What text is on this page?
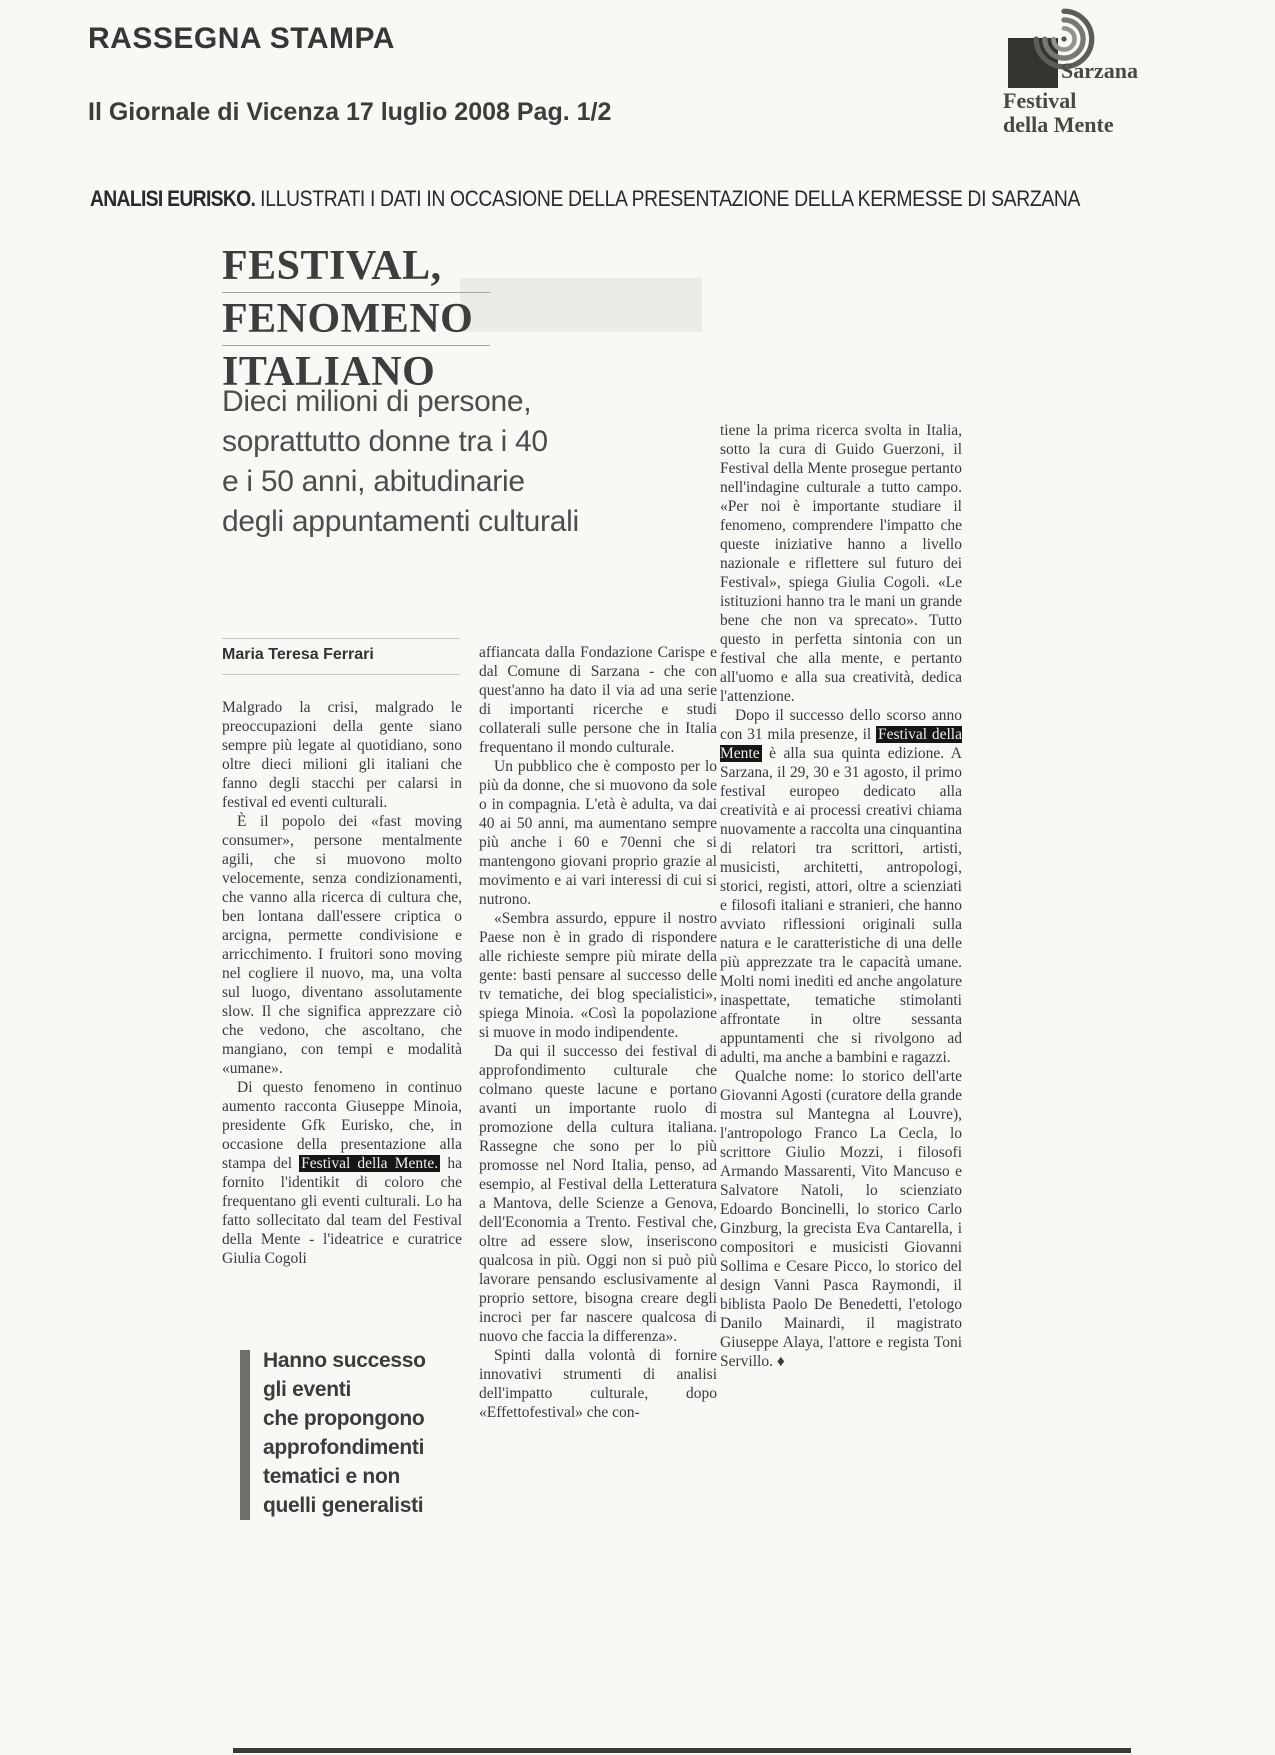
RASSEGNA STAMPA
Il Giornale di Vicenza 17 luglio 2008 Pag. 1/2
Sarzana
Festival
della Mente
ANALISI EURISKO. ILLUSTRATI I DATI IN OCCASIONE DELLA PRESENTAZIONE DELLA KERMESSE DI SARZANA
FESTIVAL,
FENOMENO
ITALIANO
Dieci milioni di persone,
soprattutto donne tra i 40
e i 50 anni, abitudinarie
degli appuntamenti culturali
Maria Teresa Ferrari

Malgrado la crisi, malgrado le preoccupazioni della gente siano sempre più legate al quotidiano, sono oltre dieci milioni gli italiani che fanno degli stacchi per calarsi in festival ed eventi culturali.

È il popolo dei «fast moving consumer», persone mentalmente agili, che si muovono molto velocemente, senza condizionamenti, che vanno alla ricerca di cultura che, ben lontana dall'essere criptica o arcigna, permette condivisione e arricchimento. I fruitori sono moving nel cogliere il nuovo, ma, una volta sul luogo, diventano assolutamente slow. Il che significa apprezzare ciò che vedono, che ascoltano, che mangiano, con tempi e modalità «umane».

Di questo fenomeno in continuo aumento racconta Giuseppe Minoia, presidente Gfk Eurisko, che, in occasione della presentazione alla stampa del Festival della Mente. ha fornito l'identikit di coloro che frequentano gli eventi culturali. Lo ha fatto sollecitato dal team del Festival della Mente - l'ideatrice e curatrice Giulia Cogoli

Hanno successo
gli eventi
che propongono
approfondimenti
tematici e non
quelli generalisti

affiancata dalla Fondazione Carispe e dal Comune di Sarzana - che con quest'anno ha dato il via ad una serie di importanti ricerche e studi collaterali sulle persone che in Italia frequentano il mondo culturale.

Un pubblico che è composto per lo più da donne, che si muovono da sole o in compagnia. L'età è adulta, va dai 40 ai 50 anni, ma aumentano sempre più anche i 60 e 70enni che si mantengono giovani proprio grazie al movimento e ai vari interessi di cui si nutrono.

«Sembra assurdo, eppure il nostro Paese non è in grado di rispondere alle richieste sempre più mirate della gente: basti pensare al successo delle tv tematiche, dei blog specialistici», spiega Minoia. «Così la popolazione si muove in modo indipendente.

Da qui il successo dei festival di approfondimento culturale che colmano queste lacune e portano avanti un importante ruolo di promozione della cultura italiana. Rassegne che sono per lo più promosse nel Nord Italia, penso, ad esempio, al Festival della Letteratura a Mantova, delle Scienze a Genova, dell'Economia a Trento. Festival che, oltre ad essere slow, inseriscono qualcosa in più. Oggi non si può più lavorare pensando esclusivamente al proprio settore, bisogna creare degli incroci per far nascere qualcosa di nuovo che faccia la differenza».

Spinti dalla volontà di fornire innovativi strumenti di analisi dell'impatto culturale, dopo «Effettofestival» che con-

tiene la prima ricerca svolta in Italia, sotto la cura di Guido Guerzoni, il Festival della Mente prosegue pertanto nell'indagine culturale a tutto campo. «Per noi è importante studiare il fenomeno, comprendere l'impatto che queste iniziative hanno a livello nazionale e riflettere sul futuro dei Festival», spiega Giulia Cogoli. «Le istituzioni hanno tra le mani un grande bene che non va sprecato». Tutto questo in perfetta sintonia con un festival che alla mente, e pertanto all'uomo e alla sua creatività, dedica l'attenzione.

Dopo il successo dello scorso anno con 31 mila presenze, il Festival della Mente è alla sua quinta edizione. A Sarzana, il 29, 30 e 31 agosto, il primo festival europeo dedicato alla creatività e ai processi creativi chiama nuovamente a raccolta una cinquantina di relatori tra scrittori, artisti, musicisti, architetti, antropologi, storici, registi, attori, oltre a scienziati e filosofi italiani e stranieri, che hanno avviato riflessioni originali sulla natura e le caratteristiche di una delle più apprezzate tra le capacità umane. Molti nomi inediti ed anche angolature inaspettate, tematiche stimolanti affrontate in oltre sessanta appuntamenti che si rivolgono ad adulti, ma anche a bambini e ragazzi.

Qualche nome: lo storico dell'arte Giovanni Agosti (curatore della grande mostra sul Mantegna al Louvre), l'antropologo Franco La Cecla, lo scrittore Giulio Mozzi, i filosofi Armando Massarenti, Vito Mancuso e Salvatore Natoli, lo scienziato Edoardo Boncinelli, lo storico Carlo Ginzburg, la grecista Eva Cantarella, i compositori e musicisti Giovanni Sollima e Cesare Picco, lo storico del design Vanni Pasca Raymondi, il biblista Paolo De Benedetti, l'etologo Danilo Mainardi, il magistrato Giuseppe Alaya, l'attore e regista Toni Servillo. ♦
